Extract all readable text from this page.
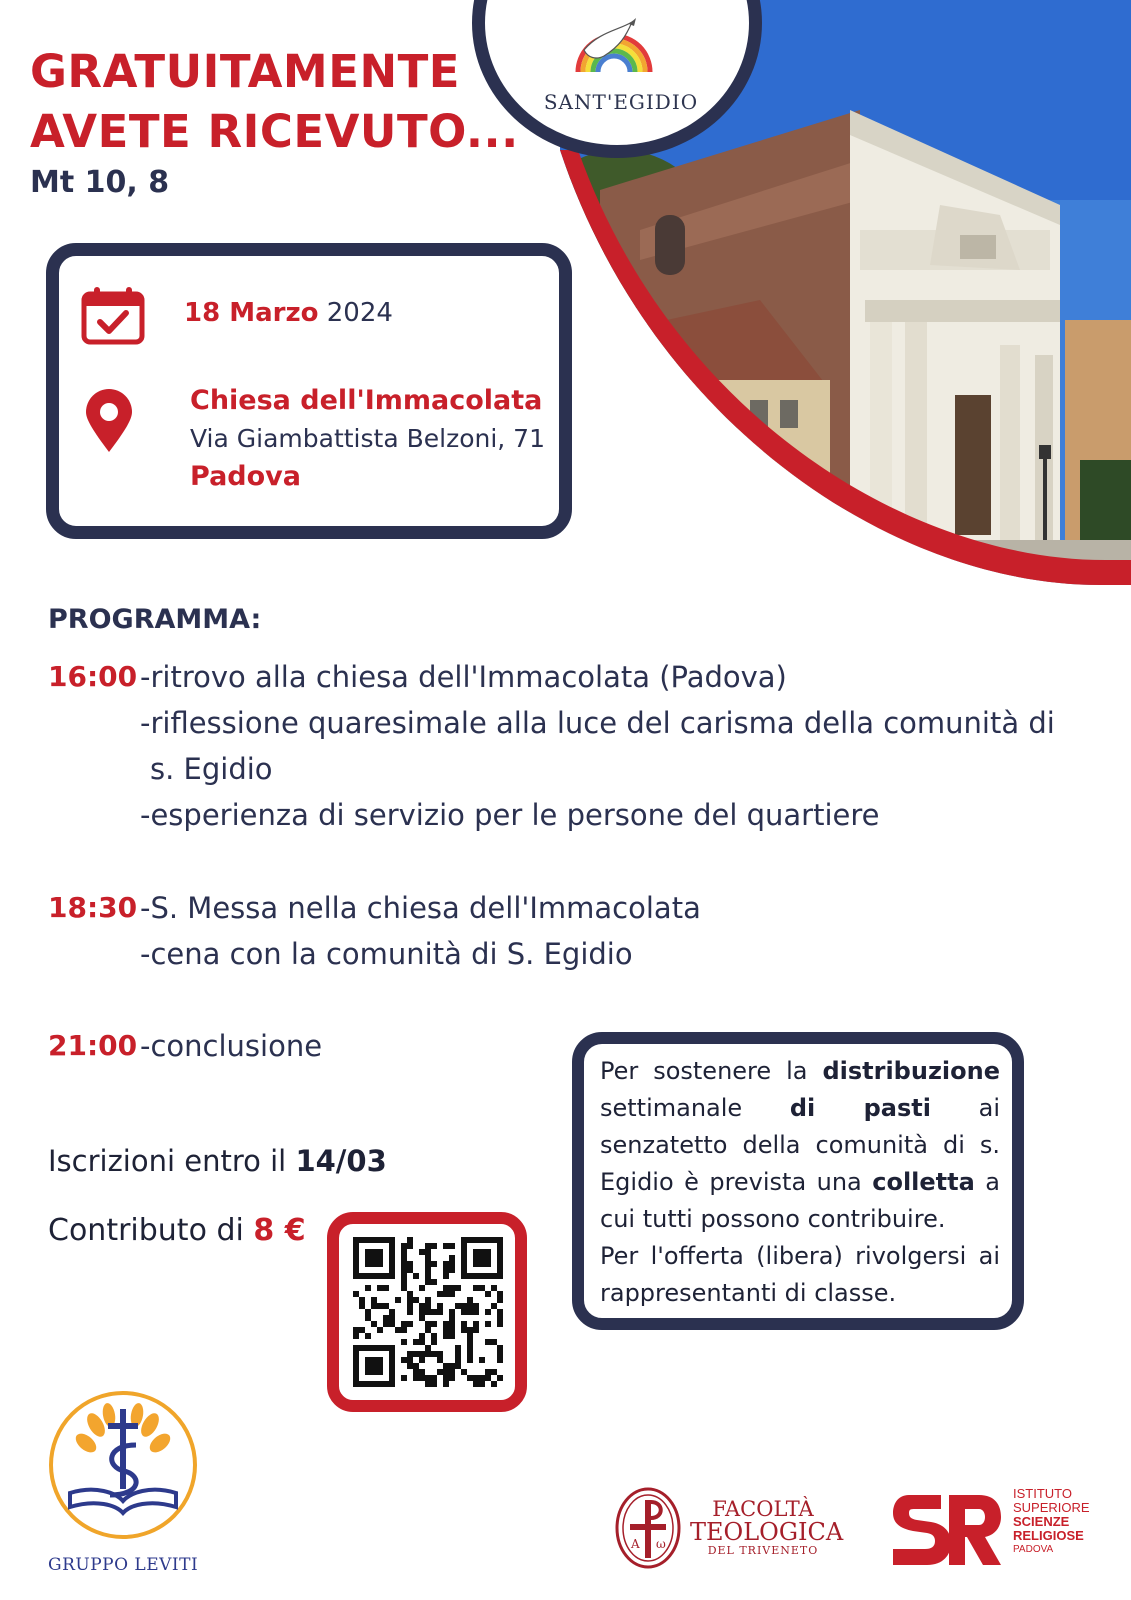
SANT'EGIDIO
GRATUITAMENTE
AVETE RICEVUTO...
Mt 10, 8
18 Marzo 2024
Chiesa dell'Immacolata
Via Giambattista Belzoni, 71
Padova
PROGRAMMA:
16:00 -ritrovo alla chiesa dell'Immacolata (Padova)
-riflessione quaresimale alla luce del carisma della comunità di
s. Egidio
-esperienza di servizio per le persone del quartiere
18:30 -S. Messa nella chiesa dell'Immacolata
-cena con la comunità di S. Egidio
21:00 -conclusione
Iscrizioni entro il 14/03
Contributo di 8 €
Per sostenere la distribuzione settimanale di pasti ai senzatetto della comunità di s. Egidio è prevista una colletta a cui tutti possono contribuire.
Per l'offerta (libera) rivolgersi ai rappresentanti di classe.
GRUPPO LEVITI
A ω
FACOLTÀ
TEOLOGICA
DEL TRIVENETO
ISTITUTO
SUPERIORE
SCIENZE
RELIGIOSE
PADOVA
